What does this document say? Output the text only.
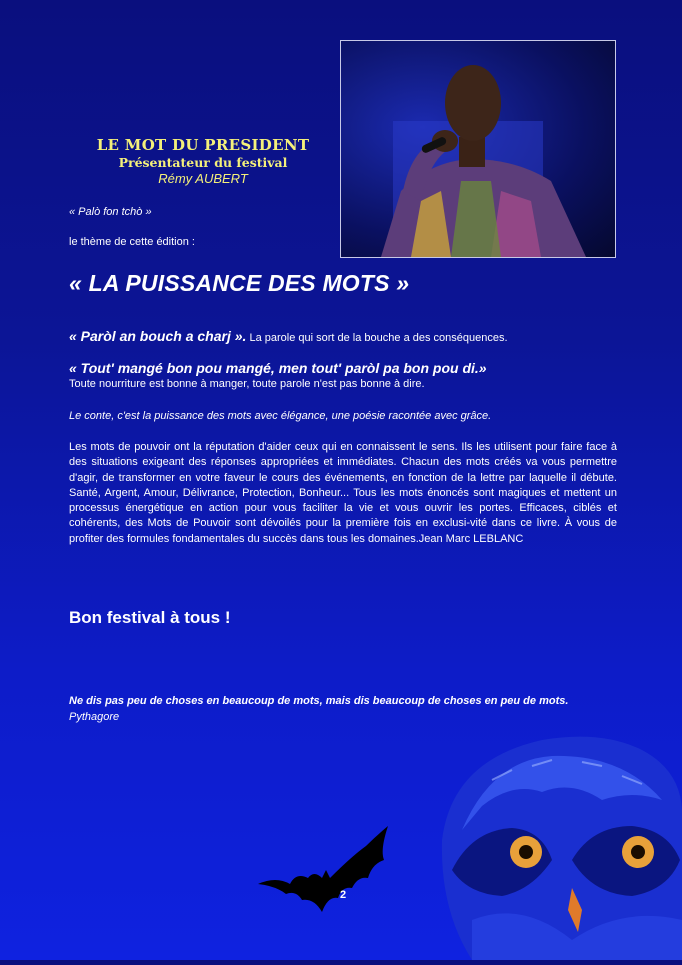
LE MOT DU PRESIDENT
Présentateur du festival
Rémy AUBERT
« Palò fon tchò »
le thème de cette édition :
« LA PUISSANCE DES MOTS »
« Paròl an bouch a charj ». La parole qui sort de la bouche a des conséquences.
« Tout' mangé bon pou mangé, men tout' paròl pa bon pou di.»
Toute nourriture est bonne à manger, toute parole n'est pas bonne à dire.
Le conte, c'est la puissance des mots avec élégance, une poésie racontée avec grâce.
Les mots de pouvoir ont la réputation d'aider ceux qui en connaissent le sens. Ils les utilisent pour faire face à des situations exigeant des réponses appropriées et immédiates. Chacun des mots créés va vous permettre d'agir, de transformer en votre faveur le cours des événements, en fonction de la lettre par laquelle il débute. Santé, Argent, Amour, Délivrance, Protection, Bonheur... Tous les mots énoncés sont magiques et mettent un processus énergétique en action pour vous faciliter la vie et vous ouvrir les portes. Efficaces, ciblés et cohérents, des Mots de Pouvoir sont dévoilés pour la première fois en exclusi-vité dans ce livre. À vous de profiter des formules fondamentales du succès dans tous les domaines.Jean Marc LEBLANC
Bon festival à tous !
Ne dis pas peu de choses en beaucoup de mots, mais dis beaucoup de choses en peu de mots.
Pythagore
2
